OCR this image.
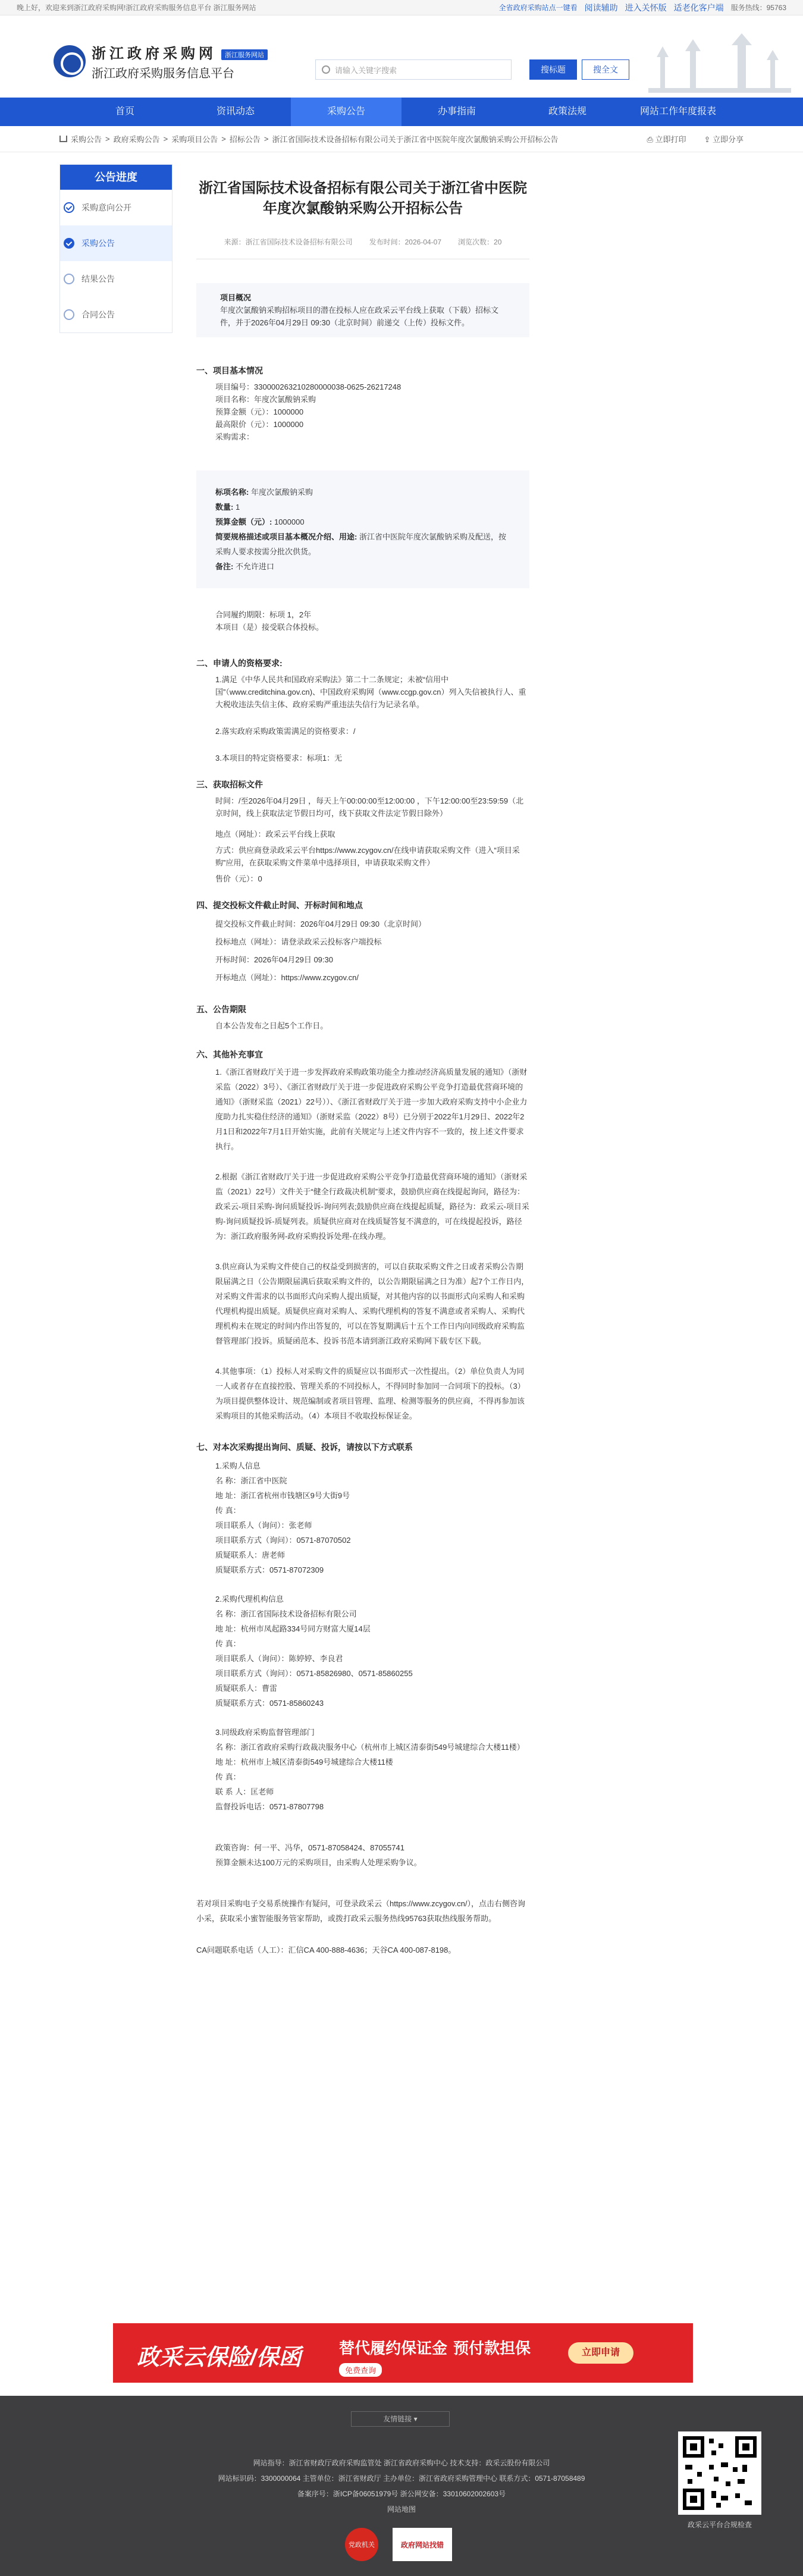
晚上好，欢迎来到浙江政府采购网!浙江政府采购服务信息平台 浙江服务网站	全省政府采购站点一键看 阅读辅助 进入关怀版 适老化客户端 服务热线：95763
浙江政府采购网 浙江服务网站
浙江政府采购服务信息平台	请输入关键字搜索	搜标题	搜全文
首页	资讯动态	采购公告	办事指南	政策法规	网站工作年度报表
采购公告 > 政府采购公告 > 采购项目公告 > 招标公告 > 浙江省国际技术设备招标有限公司关于浙江省中医院年度次氯酸钠采购公开招标公告	⎙ 立即打印 ⇪ 立即分享
公告进度
采购意向公开
采购公告
结果公告
合同公告
浙江省国际技术设备招标有限公司关于浙江省中医院年度次氯酸钠采购公开招标公告
来源：浙江省国际技术设备招标有限公司 发布时间：2026-04-07 浏览次数：20
项目概况
年度次氯酸钠采购招标项目的潜在投标人应在政采云平台线上获取（下载）招标文件，并于2026年04月29日 09:30（北京时间）前递交（上传）投标文件。
一、项目基本情况
项目编号：330000263210280000038-0625-26217248
项目名称：年度次氯酸钠采购
预算金额（元）：1000000
最高限价（元）：1000000
采购需求：
标项名称: 年度次氯酸钠采购
数量: 1
预算金额（元）: 1000000
简要规格描述或项目基本概况介绍、用途: 浙江省中医院年度次氯酸钠采购及配送，按采购人要求按需分批次供货。
备注: 不允许进口
合同履约期限：标项 1，2年
本项目（是）接受联合体投标。
二、申请人的资格要求:
1.满足《中华人民共和国政府采购法》第二十二条规定；未被“信用中国”（www.creditchina.gov.cn)、中国政府采购网（www.ccgp.gov.cn）列入失信被执行人、重大税收违法失信主体、政府采购严重违法失信行为记录名单。
2.落实政府采购政策需满足的资格要求：/
3.本项目的特定资格要求：标项1：无
三、获取招标文件
时间：/至2026年04月29日 ，每天上午00:00:00至12:00:00 ，下午12:00:00至23:59:59（北京时间，线上获取法定节假日均可，线下获取文件法定节假日除外）
地点（网址）：政采云平台线上获取
方式：供应商登录政采云平台https://www.zcygov.cn/在线申请获取采购文件（进入“项目采购”应用，在获取采购文件菜单中选择项目，申请获取采购文件）
售价（元）：0
四、提交投标文件截止时间、开标时间和地点
提交投标文件截止时间：2026年04月29日 09:30（北京时间）
投标地点（网址）：请登录政采云投标客户端投标
开标时间：2026年04月29日 09:30
开标地点（网址）：https://www.zcygov.cn/
五、公告期限
自本公告发布之日起5个工作日。
六、其他补充事宜
1.《浙江省财政厅关于进一步发挥政府采购政策功能全力推动经济高质量发展的通知》（浙财采监（2022）3号）、《浙江省财政厅关于进一步促进政府采购公平竞争打造最优营商环境的通知》（浙财采监（2021）22号））、《浙江省财政厅关于进一步加大政府采购支持中小企业力度助力扎实稳住经济的通知》（浙财采监（2022）8号）已分别于2022年1月29日、2022年2月1日和2022年7月1日开始实施，此前有关规定与上述文件内容不一致的，按上述文件要求执行。
2.根据《浙江省财政厅关于进一步促进政府采购公平竞争打造最优营商环境的通知》（浙财采监（2021）22号）文件关于“健全行政裁决机制”要求，鼓励供应商在线提起询问，路径为：政采云-项目采购-询问质疑投诉-询问列表;鼓励供应商在线提起质疑，路径为：政采云-项目采购-询问质疑投诉-质疑列表。质疑供应商对在线质疑答复不满意的，可在线提起投诉，路径为：浙江政府服务网-政府采购投诉处理-在线办理。
3.供应商认为采购文件使自己的权益受到损害的，可以自获取采购文件之日或者采购公告期限届满之日（公告期限届满后获取采购文件的，以公告期限届满之日为准）起7个工作日内，对采购文件需求的以书面形式向采购人提出质疑，对其他内容的以书面形式向采购人和采购代理机构提出质疑。质疑供应商对采购人、采购代理机构的答复不满意或者采购人、采购代理机构未在规定的时间内作出答复的，可以在答复期满后十五个工作日内向同级政府采购监督管理部门投诉。质疑函范本、投诉书范本请到浙江政府采购网下载专区下载。
4.其他事项：（1）投标人对采购文件的质疑应以书面形式一次性提出。（2）单位负责人为同一人或者存在直接控股、管理关系的不同投标人，不得同时参加同一合同项下的投标。（3）为项目提供整体设计、规范编制或者项目管理、监理、检测等服务的供应商，不得再参加该采购项目的其他采购活动。（4）本项目不收取投标保证金。
七、对本次采购提出询问、质疑、投诉，请按以下方式联系
1.采购人信息
名 称：浙江省中医院
地 址：浙江省杭州市钱塘区9号大街9号
传 真：
项目联系人（询问）：张老师
项目联系方式（询问）：0571-87070502
质疑联系人：唐老师
质疑联系方式：0571-87072309
2.采购代理机构信息
名 称：浙江省国际技术设备招标有限公司
地 址：杭州市凤起路334号同方财富大厦14层
传 真：
项目联系人（询问）：陈婷婷、李良君
项目联系方式（询问）：0571-85826980、0571-85860255
质疑联系人：曹雷
质疑联系方式：0571-85860243
3.同级政府采购监督管理部门
名 称：浙江省政府采购行政裁决服务中心（杭州市上城区清泰街549号城建综合大楼11楼）
地 址：杭州市上城区清泰街549号城建综合大楼11楼
传 真：
联 系 人：匡老师
监督投诉电话：0571-87807798
政策咨询：何一平、冯华，0571-87058424、87055741
预算金额未达100万元的采购项目，由采购人处理采购争议。
若对项目采购电子交易系统操作有疑问，可登录政采云（https://www.zcygov.cn/），点击右侧咨询小采，获取采小蜜智能服务管家帮助，或拨打政采云服务热线95763获取热线服务帮助。
CA问题联系电话（人工）：汇信CA 400-888-4636；天谷CA 400-087-8198。
政采云保险/保函 替代履约保证金 预付款担保
免费查询
立即申请
友情链接 ▾
网站指导：浙江省财政厅政府采购监管处 浙江省政府采购中心 技术支持：政采云股份有限公司
网站标识码：3300000064 主管单位：浙江省财政厅 主办单位：浙江省政府采购管理中心 联系方式：0571-87058489
备案序号：浙ICP备06051979号 浙公网安备：33010602002603号
网站地图
党政机关	政府网站找错
政采云平台合规检查
